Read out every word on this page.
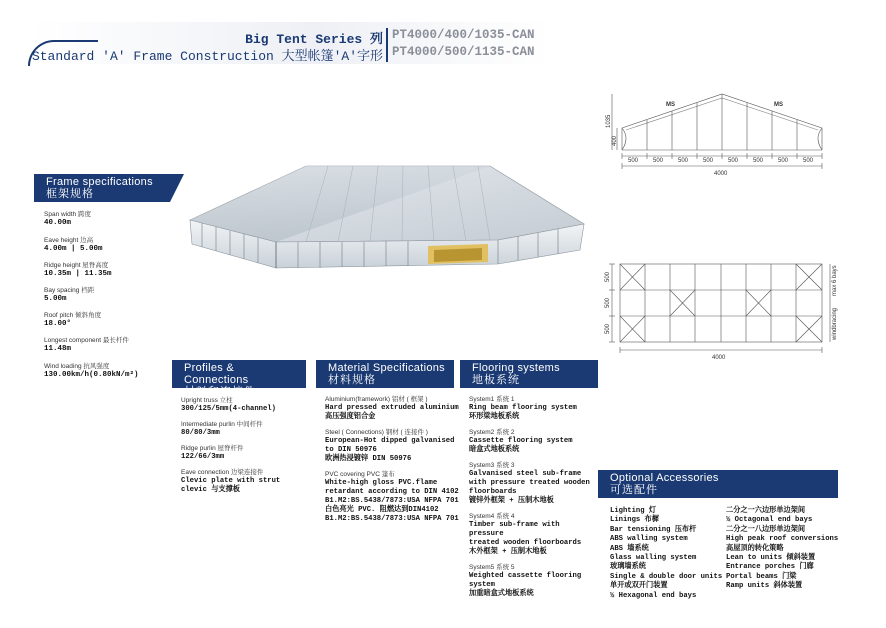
Big Tent Series 列
Standard 'A' Frame Construction 大型帐篷'A'字形
PT4000/400/1035-CAN
PT4000/500/1135-CAN
MS	MS
1035
400
500 500 500 500 500 500 500 500
4000
500
500
500
max 6 bays
windbracing
4000
Frame specifications
框架规格
Span width 跨度
40.00m
Eave height 边高
4.00m | 5.00m
Ridge height 屋脊高度
10.35m | 11.35m
Bay spacing 档距
5.00m
Roof pitch 倾斜角度
18.00°
Longest component 最长杆件
11.48m
Wind loading 抗风强度
130.00km/h(0.80kN/m²)
Profiles & Connections
材料和连接件
Upright truss 立柱
300/125/5mm(4-channel)
Intermediate purlin 中间杆件
80/80/3mm
Ridge purlin 屋脊杆件
122/66/3mm
Eave connection 边梁连接件
Clevic plate with strut
clevic 与支撑板
Material Specifications
材料规格
Aluminium(framework) 铝材 ( 框架 )
Hard pressed extruded aluminium
高压强度铝合金
Steel ( Connections) 钢材 ( 连接件 )
European-Hot dipped galvanised
to DIN 50976
欧洲热浸镀锌 DIN 50976
PVC covering PVC 篷布
White-high gloss PVC.flame
retardant according to DIN 4102
B1.M2:BS.5438/7873:USA NFPA 701
白色亮光 PVC. 阻燃达到DIN4102
B1.M2:BS.5438/7873:USA NFPA 701
Flooring systems
地板系统
System1 系统 1
Ring beam flooring system
环形梁地板系统
System2 系统 2
Cassette flooring system
暗盒式地板系统
System3 系统 3
Galvanised steel sub-frame
with pressure treated wooden
floorboards
镀锌外框架 + 压制木地板
System4 系统 4
Timber sub-frame with pressure
treated wooden floorboards
木外框架 + 压制木地板
System5 系统 5
Weighted cassette flooring
system
加重暗盒式地板系统
Optional Accessories
可选配件
Lighting 灯
Linings 布樨
Bar tensioning 压布杆
ABS walling system
ABS 墙系统
Glass walling system
玻璃墙系统
Single & double door units
单开或双开门装置
½ Hexagonal end bays
二分之一六边形单边架间
½ Octagonal end bays
二分之一八边形单边架间
High peak roof conversions
高屋顶的转化策略
Lean to units 倾斜装置
Entrance porches 门廊
Portal beams 门梁
Ramp units 斜体装置
